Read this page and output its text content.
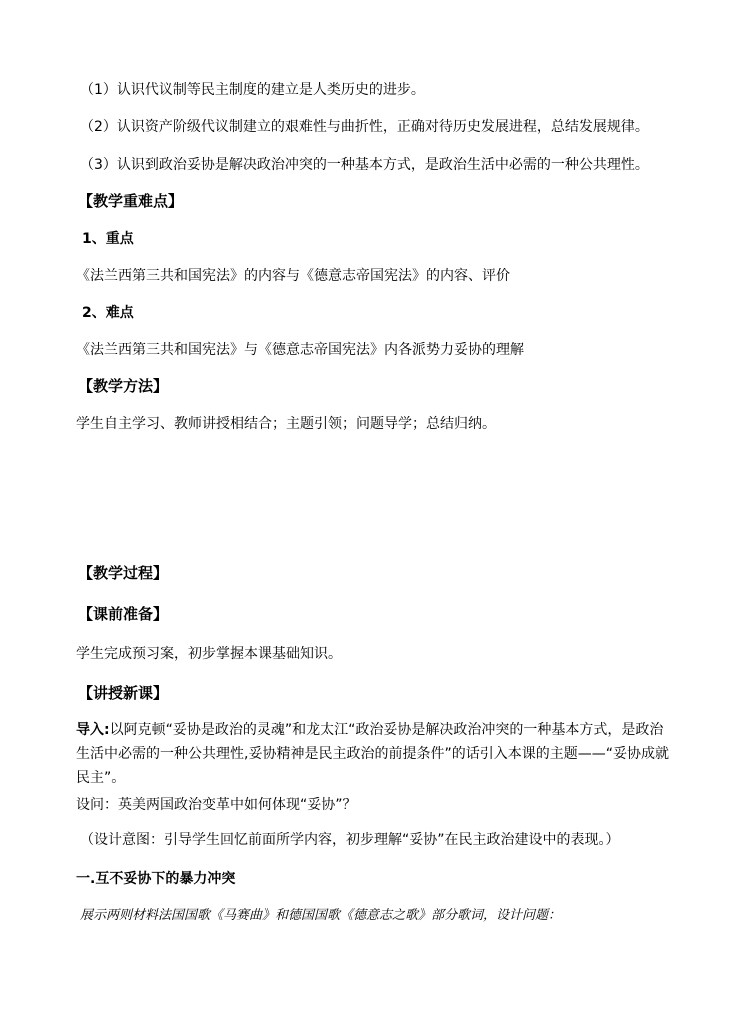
（1）认识代议制等民主制度的建立是人类历史的进步。
（2）认识资产阶级代议制建立的艰难性与曲折性，正确对待历史发展进程，总结发展规律。
（3）认识到政治妥协是解决政治冲突的一种基本方式，是政治生活中必需的一种公共理性。
【教学重难点】
1、重点
《法兰西第三共和国宪法》的内容与《德意志帝国宪法》的内容、评价
2、难点
《法兰西第三共和国宪法》与《德意志帝国宪法》内各派势力妥协的理解
【教学方法】
学生自主学习、教师讲授相结合；主题引领；问题导学；总结归纳。
【教学过程】
【课前准备】
学生完成预习案，初步掌握本课基础知识。
【讲授新课】
导入:以阿克顿“妥协是政治的灵魂”和龙太江“政治妥协是解决政治冲突的一种基本方式，是政治生活中必需的一种公共理性,妥协精神是民主政治的前提条件”的话引入本课的主题——“妥协成就民主”。
设问：英美两国政治变革中如何体现“妥协”？
（设计意图：引导学生回忆前面所学内容，初步理解“妥协”在民主政治建设中的表现。）
一.互不妥协下的暴力冲突
展示两则材料法国国歌《马赛曲》和德国国歌《德意志之歌》部分歌词，设计问题：
